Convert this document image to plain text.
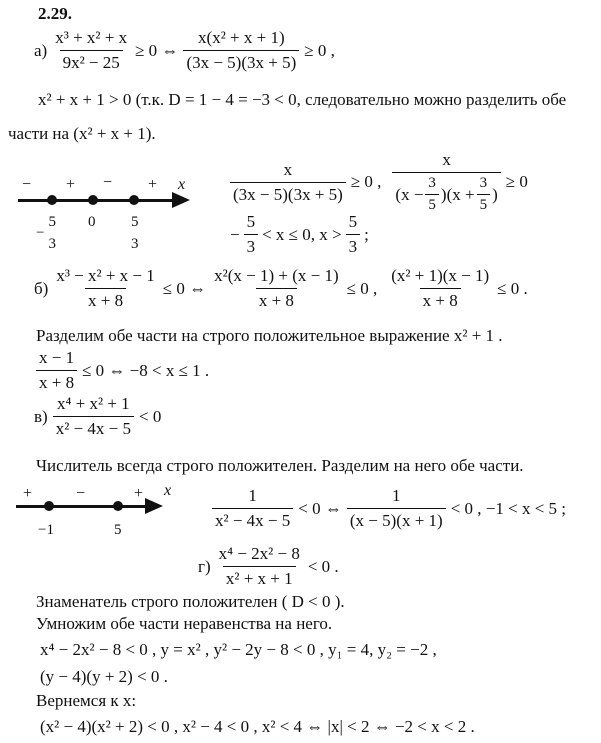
2.29.
$а) \frac{\text{x³ + x² + x}}{\text{9x² − 25}} \ge 0$ ⇔ $\frac{\text{x(x² + x + 1)}}{(3x - 5)(3x + 5)} \ge 0$ ,
x² + x + 1 > 0 (т.к. D = 1 − 4 = −3 < 0, следовательно можно разделить обе
части на (x² + x + 1).
− + − + x
− $\frac{5}{3} 0 \frac{5}{3}$
$\frac{x}{(3x - 5)(3x + 5)} \ge 0$ , $\frac{x}{(x - \frac{3}{5} )(x + \frac{3}{5} )} \ge 0$
− $\frac{5}{3} < x \le 0$, $x > \frac{5}{3}$ ;
$б) \frac{\text{x³ − x² + x − 1}}{x + 8} \le 0$ ⇔ $\frac{\text{x²(x − 1) + (x − 1)}}{x + 8} \le 0$ , $\frac{\text{(x² + 1)(x − 1)}}{x + 8} \le 0$ .
Разделим обе части на строго положительное выражение x² + 1 .
$\frac{x - 1}{x + 8} \le 0$ ⇔ −8 < x ≤ 1 .
$в) \frac{\text{x⁴ + x² + 1}}{\text{x² − 4x − 5}} < 0$
Числитель всегда строго положителен. Разделим на него обе части.
+	−	+ x
−1	5	$\frac{1}{\text{x² − 4x − 5}} < 0$ ⇔ $\frac{1}{(x - 5)(x + 1)} < 0$ , −1 < x < 5 ;
$г) \frac{\text{x⁴ − 2x² − 8}}{\text{x² + x + 1}} < 0$ .
Знаменатель строго положителен ( D < 0 ).
Умножим обе части неравенства на него.
x⁴ − 2x² − 8 < 0 , y = x² , y² − 2y − 8 < 0 , y₁ = 4, y₂ = −2 ,
(y − 4)(y + 2) < 0 .
Вернемся к x:
(x² − 4)(x² + 2) < 0 , x² − 4 < 0 , x² < 4 ⇔ |x| < 2 ⇔ −2 < x < 2 .
